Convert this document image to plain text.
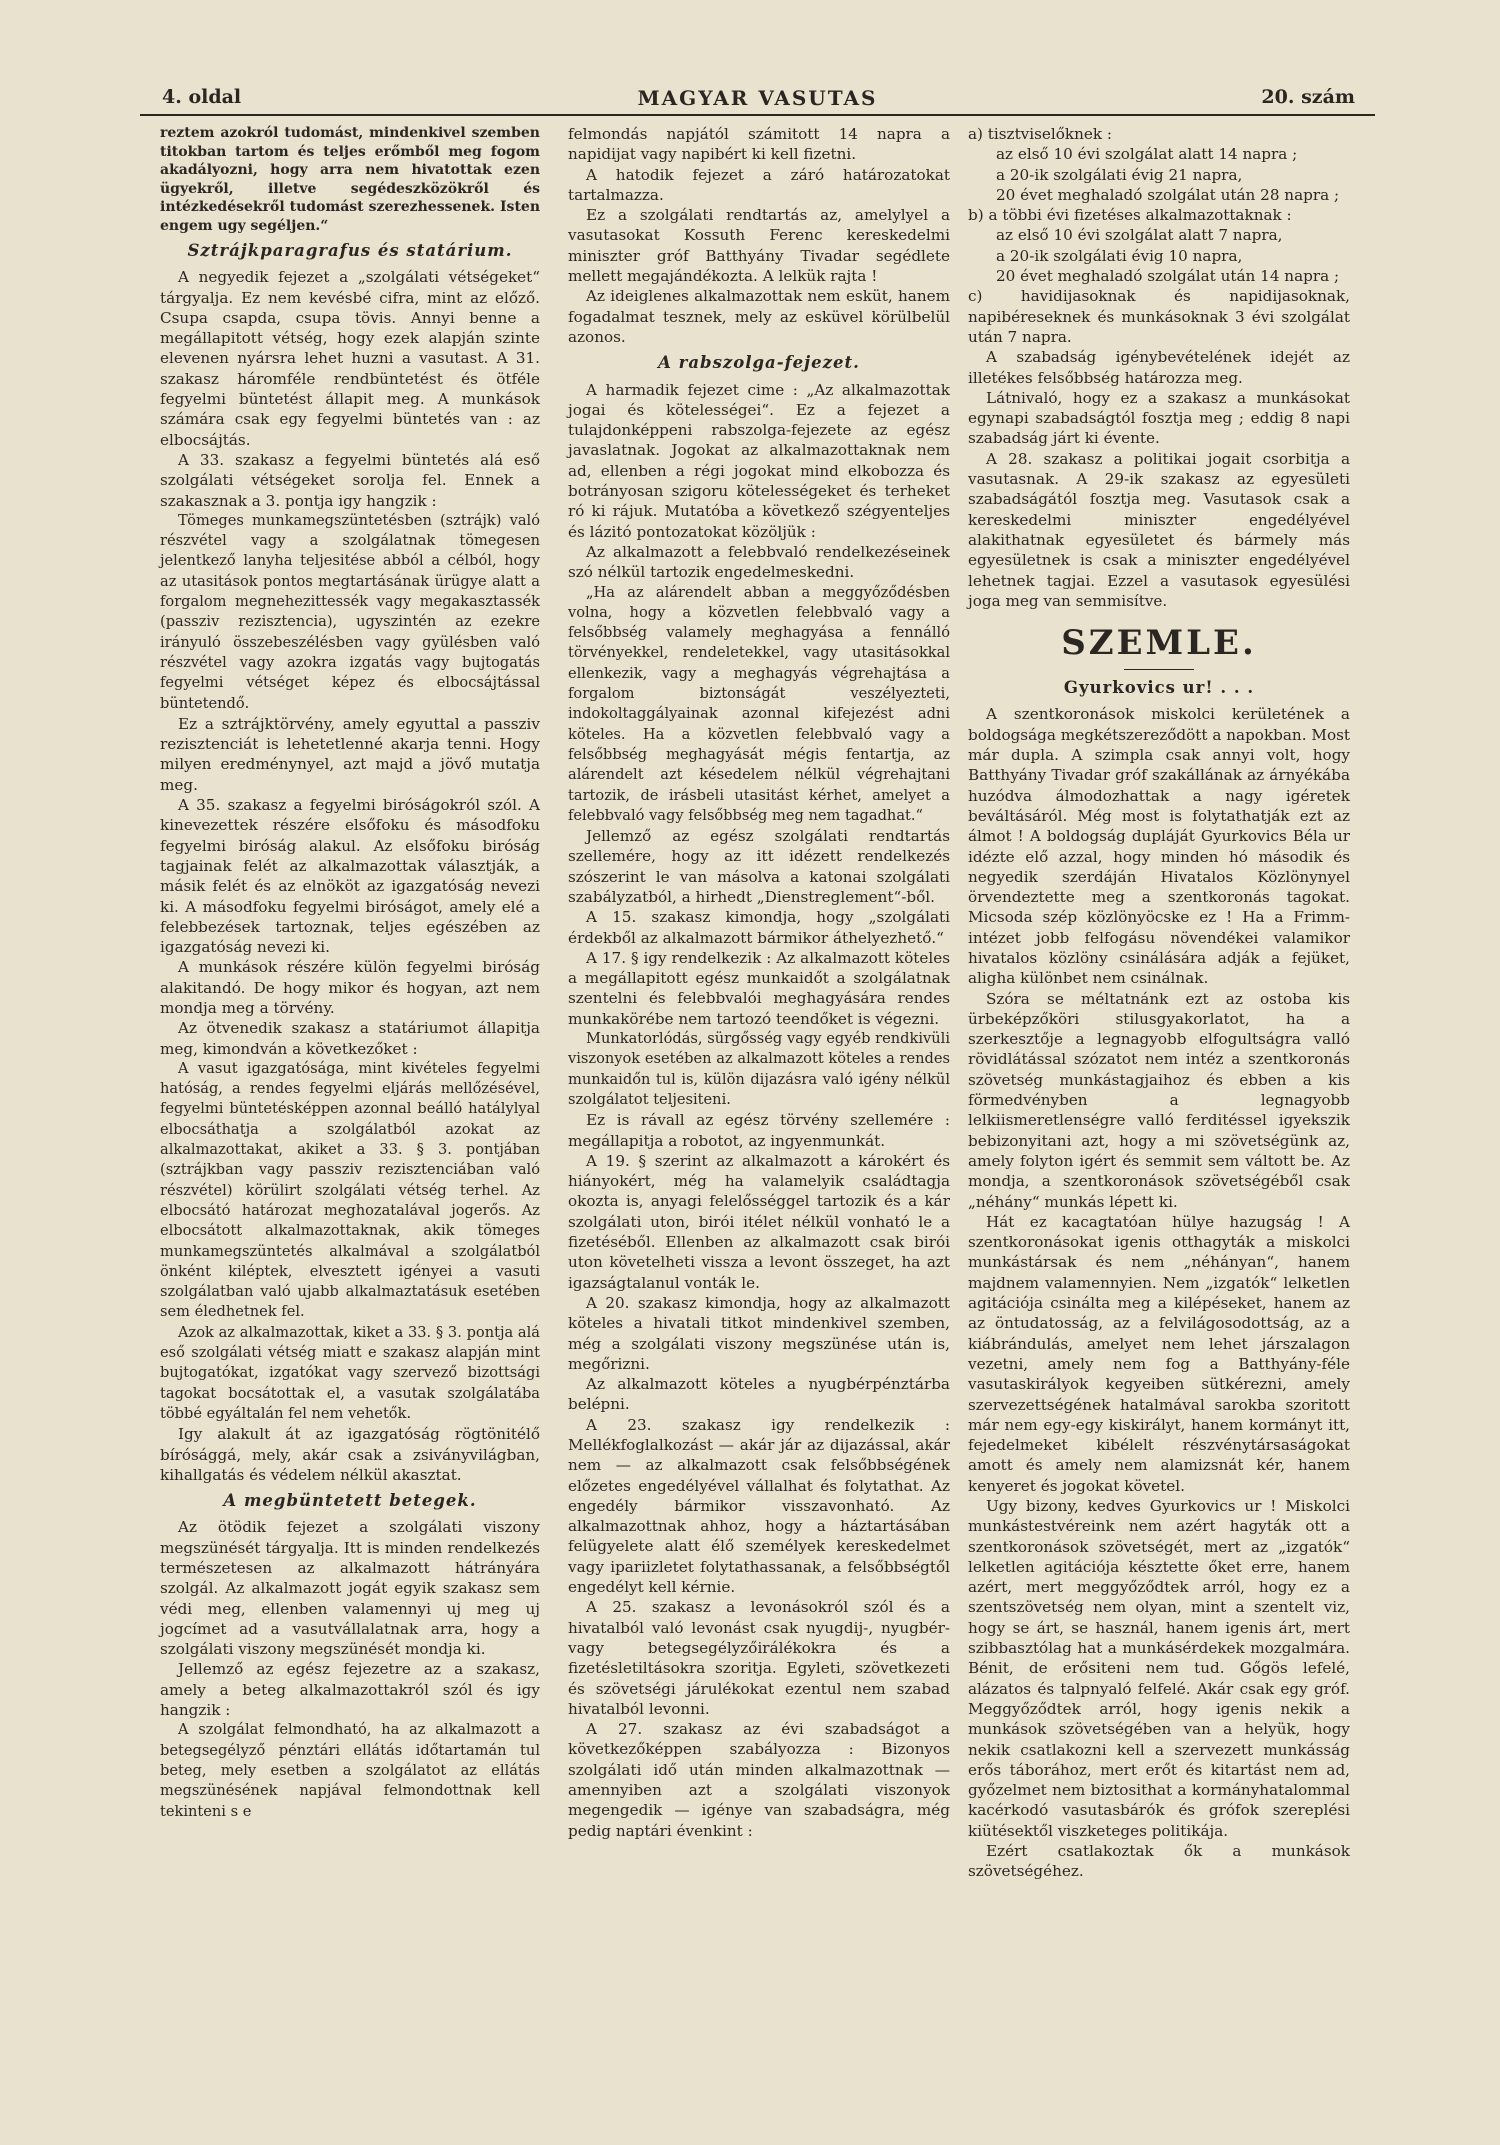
4. oldal	MAGYAR VASUTAS	20. szám

reztem azokról tudomást, mindenkivel szemben titokban tartom és teljes erőmből meg fogom akadályozni, hogy arra nem hivatottak ezen ügyekről, illetve segédeszközökről és intézkedésekről tudomást szerezhessenek. Isten engem ugy segéljen.“

Sztrájkparagrafus és statárium.

A negyedik fejezet a „szolgálati vétségeket“ tárgyalja. Ez nem kevésbé cifra, mint az előző. Csupa csapda, csupa tövis. Annyi benne a megállapitott vétség, hogy ezek alapján szinte elevenen nyársra lehet huzni a vasutast. A 31. szakasz háromféle rendbüntetést és ötféle fegyelmi büntetést állapit meg. A munkások számára csak egy fegyelmi büntetés van : az elbocsájtás.

A 33. szakasz a fegyelmi büntetés alá eső szolgálati vétségeket sorolja fel. Ennek a szakasznak a 3. pontja igy hangzik :

Tömeges munkamegszüntetésben (sztrájk) való részvétel vagy a szolgálatnak tömegesen jelentkező lanyha teljesitése abból a célból, hogy az utasitások pontos megtartásának ürügye alatt a forgalom megnehezittessék vagy megakasztassék (passziv rezisztencia), ugyszintén az ezekre irányuló összebeszélésben vagy gyülésben való részvétel vagy azokra izgatás vagy bujtogatás fegyelmi vétséget képez és elbocsájtással büntetendő.

Ez a sztrájktörvény, amely egyuttal a passziv rezisztenciát is lehetetlenné akarja tenni. Hogy milyen eredménynyel, azt majd a jövő mutatja meg.

A 35. szakasz a fegyelmi biróságokról szól. A kinevezettek részére elsőfoku és másodfoku fegyelmi biróság alakul. Az elsőfoku biróság tagjainak felét az alkalmazottak választják, a másik felét és az elnököt az igazgatóság nevezi ki. A másodfoku fegyelmi biróságot, amely elé a felebbezések tartoznak, teljes egészében az igazgatóság nevezi ki.

A munkások részére külön fegyelmi biróság alakitandó. De hogy mikor és hogyan, azt nem mondja meg a törvény.

Az ötvenedik szakasz a statáriumot állapitja meg, kimondván a következőket :

A vasut igazgatósága, mint kivételes fegyelmi hatóság, a rendes fegyelmi eljárás mellőzésével, fegyelmi büntetésképpen azonnal beálló hatálylyal elbocsáthatja a szolgálatból azokat az alkalmazottakat, akiket a 33. § 3. pontjában (sztrájkban vagy passziv rezisztenciában való részvétel) körülirt szolgálati vétség terhel. Az elbocsátó határozat meghozatalával jogerős. Az elbocsátott alkalmazottaknak, akik tömeges munkamegszüntetés alkalmával a szolgálatból önként kiléptek, elvesztett igényei a vasuti szolgálatban való ujabb alkalmaztatásuk esetében sem éledhetnek fel.

Azok az alkalmazottak, kiket a 33. § 3. pontja alá eső szolgálati vétség miatt e szakasz alapján mint bujtogatókat, izgatókat vagy szervező bizottsági tagokat bocsátottak el, a vasutak szolgálatába többé egyáltalán fel nem vehetők.

Igy alakult át az igazgatóság rögtönitélő bírósággá, mely, akár csak a zsiványvilágban, kihallgatás és védelem nélkül akasztat.

A megbüntetett betegek.

Az ötödik fejezet a szolgálati viszony megszünését tárgyalja. Itt is minden rendelkezés természetesen az alkalmazott hátrányára szolgál. Az alkalmazott jogát egyik szakasz sem védi meg, ellenben valamennyi uj meg uj jogcímet ad a vasutvállalatnak arra, hogy a szolgálati viszony megszünését mondja ki.

Jellemző az egész fejezetre az a szakasz, amely a beteg alkalmazottakról szól és igy hangzik :

A szolgálat felmondható, ha az alkalmazott a betegsegélyző pénztári ellátás időtartamán tul beteg, mely esetben a szolgálatot az ellátás megszünésének napjával felmondottnak kell tekinteni s e

felmondás napjától számitott 14 napra a napidijat vagy napibért ki kell fizetni.

A hatodik fejezet a záró határozatokat tartalmazza.

Ez a szolgálati rendtartás az, amelylyel a vasutasokat Kossuth Ferenc kereskedelmi miniszter gróf Batthyány Tivadar segédlete mellett megajándékozta. A lelkük rajta !

Az ideiglenes alkalmazottak nem esküt, hanem fogadalmat tesznek, mely az esküvel körülbelül azonos.

A rabszolga-fejezet.

A harmadik fejezet cime : „Az alkalmazottak jogai és kötelességei“. Ez a fejezet a tulajdonképpeni rabszolga-fejezete az egész javaslatnak. Jogokat az alkalmazottaknak nem ad, ellenben a régi jogokat mind elkobozza és botrányosan szigoru kötelességeket és terheket ró ki rájuk. Mutatóba a következő szégyenteljes és lázitó pontozatokat közöljük :

Az alkalmazott a felebbvaló rendelkezéseinek szó nélkül tartozik engedelmeskedni.

„Ha az alárendelt abban a meggyőződésben volna, hogy a közvetlen felebbvaló vagy a felsőbbség valamely meghagyása a fennálló törvényekkel, rendeletekkel, vagy utasitásokkal ellenkezik, vagy a meghagyás végrehajtása a forgalom biztonságát veszélyezteti, indokoltaggályainak azonnal kifejezést adni köteles. Ha a közvetlen felebbvaló vagy a felsőbbség meghagyását mégis fentartja, az alárendelt azt késedelem nélkül végrehajtani tartozik, de irásbeli utasitást kérhet, amelyet a felebbvaló vagy felsőbbség meg nem tagadhat.“

Jellemző az egész szolgálati rendtartás szellemére, hogy az itt idézett rendelkezés szószerint le van másolva a katonai szolgálati szabályzatból, a hirhedt „Dienstreglement“-ből.

A 15. szakasz kimondja, hogy „szolgálati érdekből az alkalmazott bármikor áthelyezhető.“

A 17. § igy rendelkezik : Az alkalmazott köteles a megállapitott egész munkaidőt a szolgálatnak szentelni és felebbvalói meghagyására rendes munkakörébe nem tartozó teendőket is végezni.

Munkatorlódás, sürgősség vagy egyéb rendkivüli viszonyok esetében az alkalmazott köteles a rendes munkaidőn tul is, külön dijazásra való igény nélkül szolgálatot teljesiteni.

Ez is rávall az egész törvény szellemére : megállapitja a robotot, az ingyenmunkát.

A 19. § szerint az alkalmazott a károkért és hiányokért, még ha valamelyik családtagja okozta is, anyagi felelősséggel tartozik és a kár szolgálati uton, birói itélet nélkül vonható le a fizetéséből. Ellenben az alkalmazott csak birói uton követelheti vissza a levont összeget, ha azt igazságtalanul vonták le.

A 20. szakasz kimondja, hogy az alkalmazott köteles a hivatali titkot mindenkivel szemben, még a szolgálati viszony megszünése után is, megőrizni.

Az alkalmazott köteles a nyugbérpénztárba belépni.

A 23. szakasz igy rendelkezik : Mellékfoglalkozást — akár jár az dijazással, akár nem — az alkalmazott csak felsőbbségének előzetes engedélyével vállalhat és folytathat. Az engedély bármikor visszavonható. Az alkalmazottnak ahhoz, hogy a háztartásában felügyelete alatt élő személyek kereskedelmet vagy ipariizletet folytathassanak, a felsőbbségtől engedélyt kell kérnie.

A 25. szakasz a levonásokról szól és a hivatalból való levonást csak nyugdij-, nyugbér- vagy betegsegélyzőirálékokra és a fizetésletiltásokra szoritja. Egyleti, szövetkezeti és szövetségi járulékokat ezentul nem szabad hivatalból levonni.

A 27. szakasz az évi szabadságot a következőképpen szabályozza : Bizonyos szolgálati idő után minden alkalmazottnak — amennyiben azt a szolgálati viszonyok megengedik — igénye van szabadságra, még pedig naptári évenkint :

a) tisztviselőknek :

az első 10 évi szolgálat alatt 14 napra ;

a 20-ik szolgálati évig 21 napra,

20 évet meghaladó szolgálat után 28 napra ;

b) a többi évi fizetéses alkalmazottaknak :

az első 10 évi szolgálat alatt 7 napra,

a 20-ik szolgálati évig 10 napra,

20 évet meghaladó szolgálat után 14 napra ;

c) havidijasoknak és napidijasoknak, napibéreseknek és munkásoknak 3 évi szolgálat után 7 napra.

A szabadság igénybevételének idejét az illetékes felsőbbség határozza meg.

Látnivaló, hogy ez a szakasz a munkásokat egynapi szabadságtól fosztja meg ; eddig 8 napi szabadság járt ki évente.

A 28. szakasz a politikai jogait csorbitja a vasutasnak. A 29-ik szakasz az egyesületi szabadságától fosztja meg. Vasutasok csak a kereskedelmi miniszter engedélyével alakithatnak egyesületet és bármely más egyesületnek is csak a miniszter engedélyével lehetnek tagjai. Ezzel a vasutasok egyesülési joga meg van semmisítve.

SZEMLE.
Gyurkovics ur! . . .

A szentkoronások miskolci kerületének a boldogsága megkétszereződött a napokban. Most már dupla. A szimpla csak annyi volt, hogy Batthyány Tivadar gróf szakállának az árnyékába huzódva álmodozhattak a nagy igéretek beváltásáról. Még most is folytathatják ezt az álmot ! A boldogság dupláját Gyurkovics Béla ur idézte elő azzal, hogy minden hó második és negyedik szerdáján Hivatalos Közlönynyel örvendeztette meg a szentkoronás tagokat. Micsoda szép közlönyöcske ez ! Ha a Frimm-intézet jobb felfogásu növendékei valamikor hivatalos közlöny csinálására adják a fejüket, aligha különbet nem csinálnak.

Szóra se méltatnánk ezt az ostoba kis ürbeképzőköri stilusgyakorlatot, ha a szerkesztője a legnagyobb elfogultságra valló rövidlátással szózatot nem intéz a szentkoronás szövetség munkástagjaihoz és ebben a kis förmedvényben a legnagyobb lelkiismeretlenségre valló ferditéssel igyekszik bebizonyitani azt, hogy a mi szövetségünk az, amely folyton igért és semmit sem váltott be. Az mondja, a szentkoronások szövetségéből csak „néhány“ munkás lépett ki.

Hát ez kacagtatóan hülye hazugság ! A szentkoronásokat igenis otthagyták a miskolci munkástársak és nem „néhányan“, hanem majdnem valamennyien. Nem „izgatók“ lelketlen agitációja csinálta meg a kilépéseket, hanem az az öntudatosság, az a felvilágosodottság, az a kiábrándulás, amelyet nem lehet járszalagon vezetni, amely nem fog a Batthyány-féle vasutaskirályok kegyeiben sütkérezni, amely szervezettségének hatalmával sarokba szoritott már nem egy-egy kiskirályt, hanem kormányt itt, fejedelmeket kibélelt részvénytársaságokat amott és amely nem alamizsnát kér, hanem kenyeret és jogokat követel.

Ugy bizony, kedves Gyurkovics ur ! Miskolci munkástestvéreink nem azért hagyták ott a szentkoronások szövetségét, mert az „izgatók“ lelketlen agitációja késztette őket erre, hanem azért, mert meggyőződtek arról, hogy ez a szentszövetség nem olyan, mint a szentelt viz, hogy se árt, se használ, hanem igenis árt, mert szibbasztólag hat a munkásérdekek mozgalmára. Bénit, de erősiteni nem tud. Gőgös lefelé, alázatos és talpnyaló felfelé. Akár csak egy gróf. Meggyőződtek arról, hogy igenis nekik a munkások szövetségében van a helyük, hogy nekik csatlakozni kell a szervezett munkásság erős táborához, mert erőt és kitartást nem ad, győzelmet nem biztosithat a kormányhatalommal kacérkodó vasutasbárók és grófok szereplési kiütésektől viszketeges politikája.

Ezért csatlakoztak ők a munkások szövetségéhez.
